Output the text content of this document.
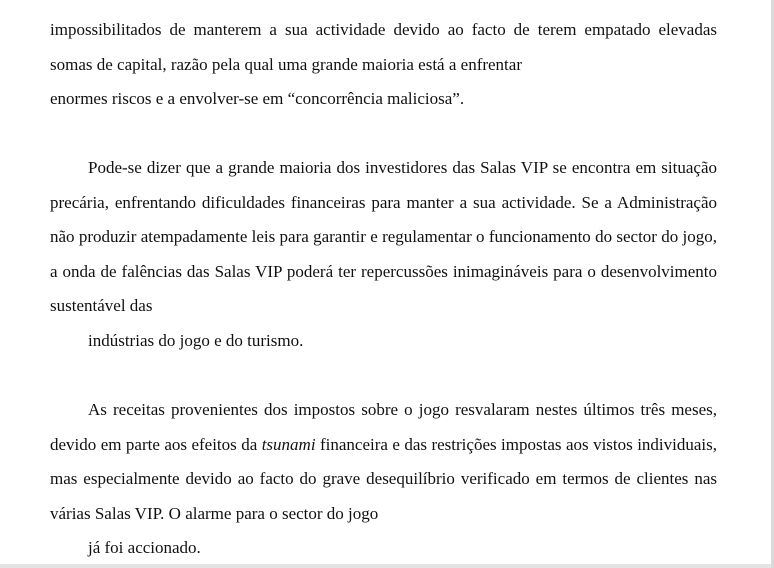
impossibilitados de manterem a sua actividade devido ao facto de terem empatado elevadas somas de capital, razão pela qual uma grande maioria está a enfrentar
enormes riscos e a envolver-se em “concorrência maliciosa”.

Pode-se dizer que a grande maioria dos investidores das Salas VIP se encontra em situação precária, enfrentando dificuldades financeiras para manter a sua actividade. Se a Administração não produzir atempadamente leis para garantir e regulamentar o funcionamento do sector do jogo, a onda de falências das Salas VIP poderá ter repercussões inimagináveis para o desenvolvimento sustentável das
indústrias do jogo e do turismo.

As receitas provenientes dos impostos sobre o jogo resvalaram nestes últimos três meses, devido em parte aos efeitos da tsunami financeira e das restrições impostas aos vistos individuais, mas especialmente devido ao facto do grave desequilíbrio verificado em termos de clientes nas várias Salas VIP. O alarme para o sector do jogo
já foi accionado.
